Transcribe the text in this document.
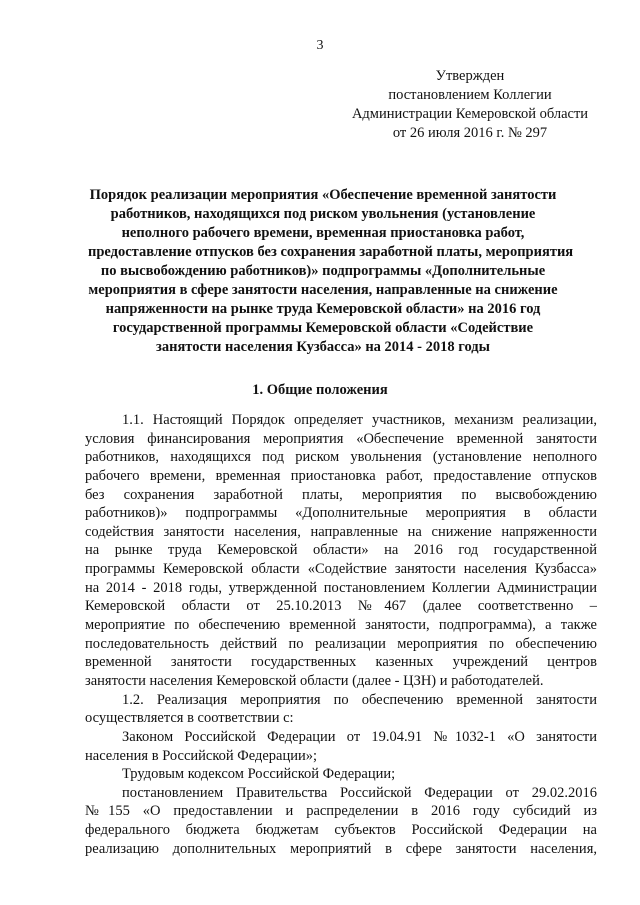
3
Утвержден
постановлением Коллегии
Администрации Кемеровской области
от 26 июля 2016 г. № 297
Порядок реализации мероприятия «Обеспечение временной занятости
работников, находящихся под риском увольнения (установление
неполного рабочего времени, временная приостановка работ,
предоставление отпусков без сохранения заработной платы, мероприятия
по высвобождению работников)» подпрограммы «Дополнительные
мероприятия в сфере занятости населения, направленные на снижение
напряженности на рынке труда Кемеровской области» на 2016 год
государственной программы Кемеровской области «Содействие
занятости населения Кузбасса» на 2014 - 2018 годы
1. Общие положения
1.1. Настоящий Порядок определяет участников, механизм реализации,
условия финансирования мероприятия «Обеспечение временной занятости
работников, находящихся под риском увольнения (установление неполного
рабочего времени, временная приостановка работ, предоставление отпусков
без сохранения заработной платы, мероприятия по высвобождению
работников)» подпрограммы «Дополнительные мероприятия в области
содействия занятости населения, направленные на снижение напряженности
на рынке труда Кемеровской области» на 2016 год государственной
программы Кемеровской области «Содействие занятости населения Кузбасса»
на 2014 - 2018 годы, утвержденной постановлением Коллегии Администрации
Кемеровской области от 25.10.2013 №467 (далее соответственно –
мероприятие по обеспечению временной занятости, подпрограмма), а также
последовательность действий по реализации мероприятия по обеспечению
временной занятости государственных казенных учреждений центров
занятости населения Кемеровской области (далее - ЦЗН) и работодателей.
1.2. Реализация мероприятия по обеспечению временной занятости
осуществляется в соответствии с:
Законом Российской Федерации от 19.04.91 №1032-1 «О занятости
населения в Российской Федерации»;
Трудовым кодексом Российской Федерации;
постановлением Правительства Российской Федерации от 29.02.2016
№155 «О предоставлении и распределении в 2016 году субсидий из
федерального бюджета бюджетам субъектов Российской Федерации на
реализацию дополнительных мероприятий в сфере занятости населения,
